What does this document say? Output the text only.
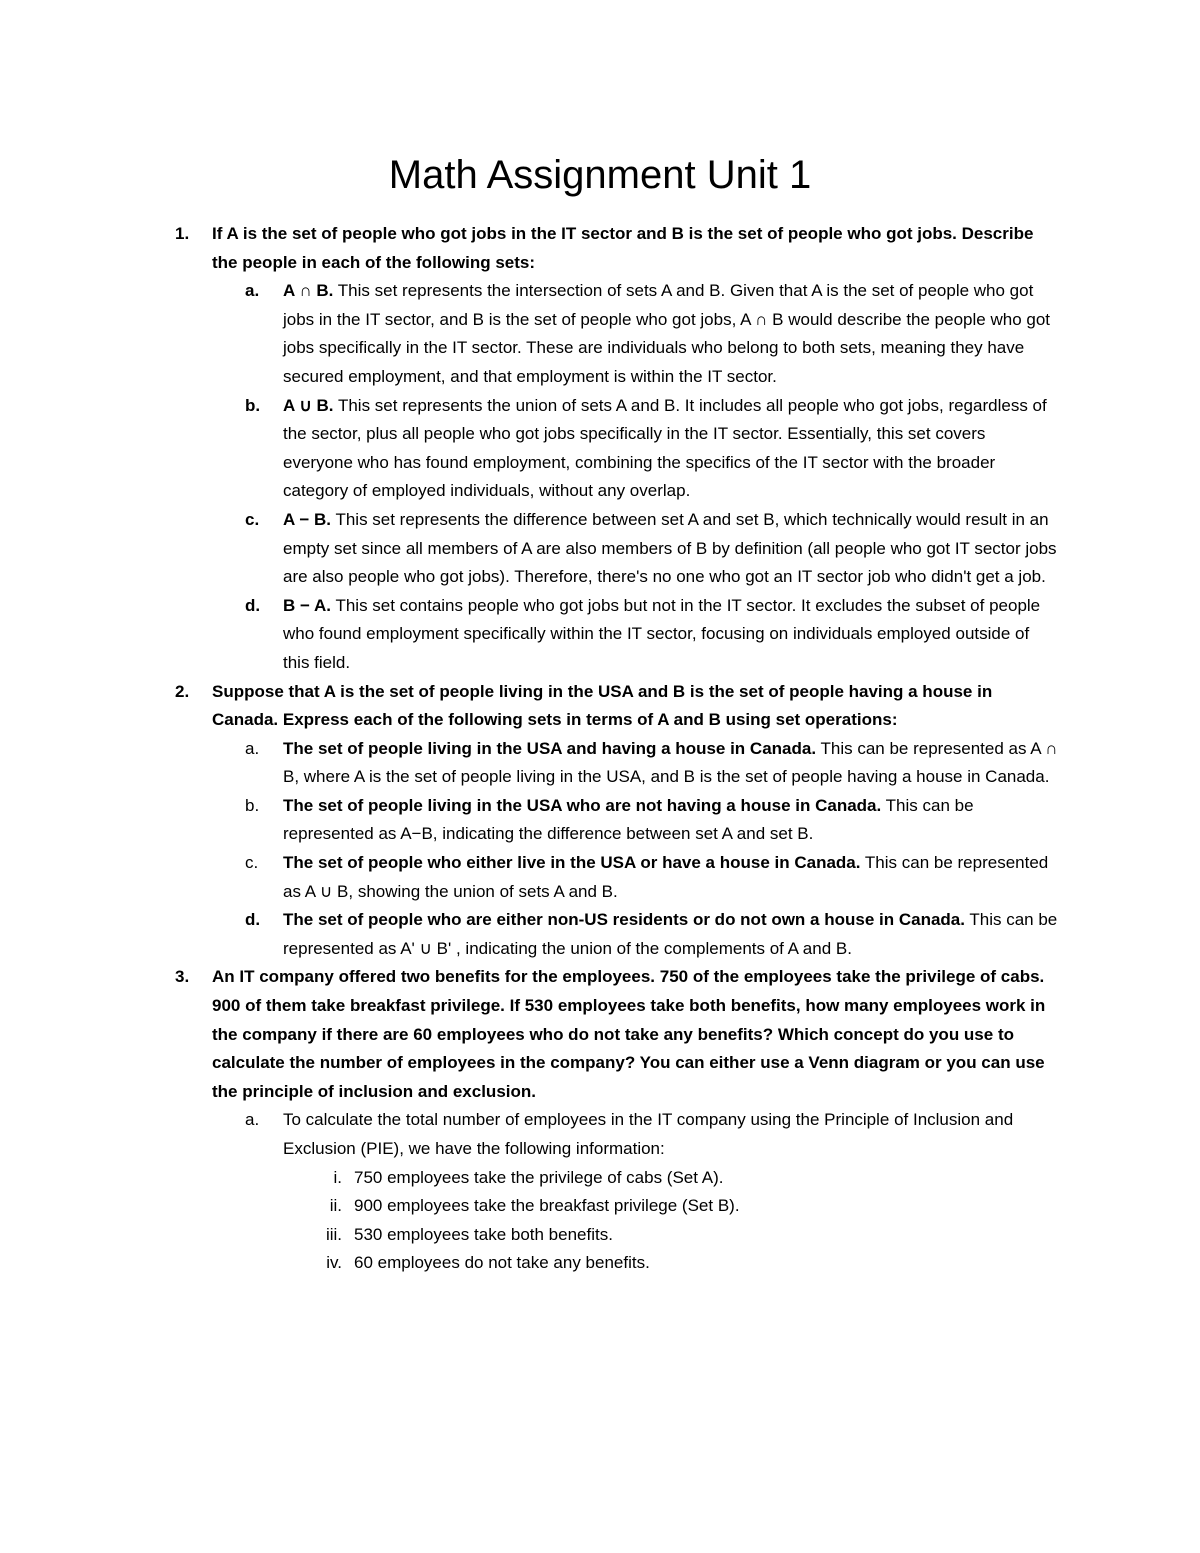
Math Assignment Unit 1
1. If A is the set of people who got jobs in the IT sector and B is the set of people who got jobs. Describe the people in each of the following sets:
a. A ∩ B. This set represents the intersection of sets A and B. Given that A is the set of people who got jobs in the IT sector, and B is the set of people who got jobs, A ∩ B would describe the people who got jobs specifically in the IT sector. These are individuals who belong to both sets, meaning they have secured employment, and that employment is within the IT sector.
b. A ∪ B. This set represents the union of sets A and B. It includes all people who got jobs, regardless of the sector, plus all people who got jobs specifically in the IT sector. Essentially, this set covers everyone who has found employment, combining the specifics of the IT sector with the broader category of employed individuals, without any overlap.
c. A − B. This set represents the difference between set A and set B, which technically would result in an empty set since all members of A are also members of B by definition (all people who got IT sector jobs are also people who got jobs). Therefore, there's no one who got an IT sector job who didn't get a job.
d. B − A. This set contains people who got jobs but not in the IT sector. It excludes the subset of people who found employment specifically within the IT sector, focusing on individuals employed outside of this field.
2. Suppose that A is the set of people living in the USA and B is the set of people having a house in Canada. Express each of the following sets in terms of A and B using set operations:
a. The set of people living in the USA and having a house in Canada. This can be represented as A ∩ B, where A is the set of people living in the USA, and B is the set of people having a house in Canada.
b. The set of people living in the USA who are not having a house in Canada. This can be represented as A−B, indicating the difference between set A and set B.
c. The set of people who either live in the USA or have a house in Canada. This can be represented as A ∪ B, showing the union of sets A and B.
d. The set of people who are either non-US residents or do not own a house in Canada. This can be represented as A' ∪ B' , indicating the union of the complements of A and B.
3. An IT company offered two benefits for the employees. 750 of the employees take the privilege of cabs. 900 of them take breakfast privilege. If 530 employees take both benefits, how many employees work in the company if there are 60 employees who do not take any benefits? Which concept do you use to calculate the number of employees in the company? You can either use a Venn diagram or you can use the principle of inclusion and exclusion.
a. To calculate the total number of employees in the IT company using the Principle of Inclusion and Exclusion (PIE), we have the following information:
i. 750 employees take the privilege of cabs (Set A).
ii. 900 employees take the breakfast privilege (Set B).
iii. 530 employees take both benefits.
iv. 60 employees do not take any benefits.
